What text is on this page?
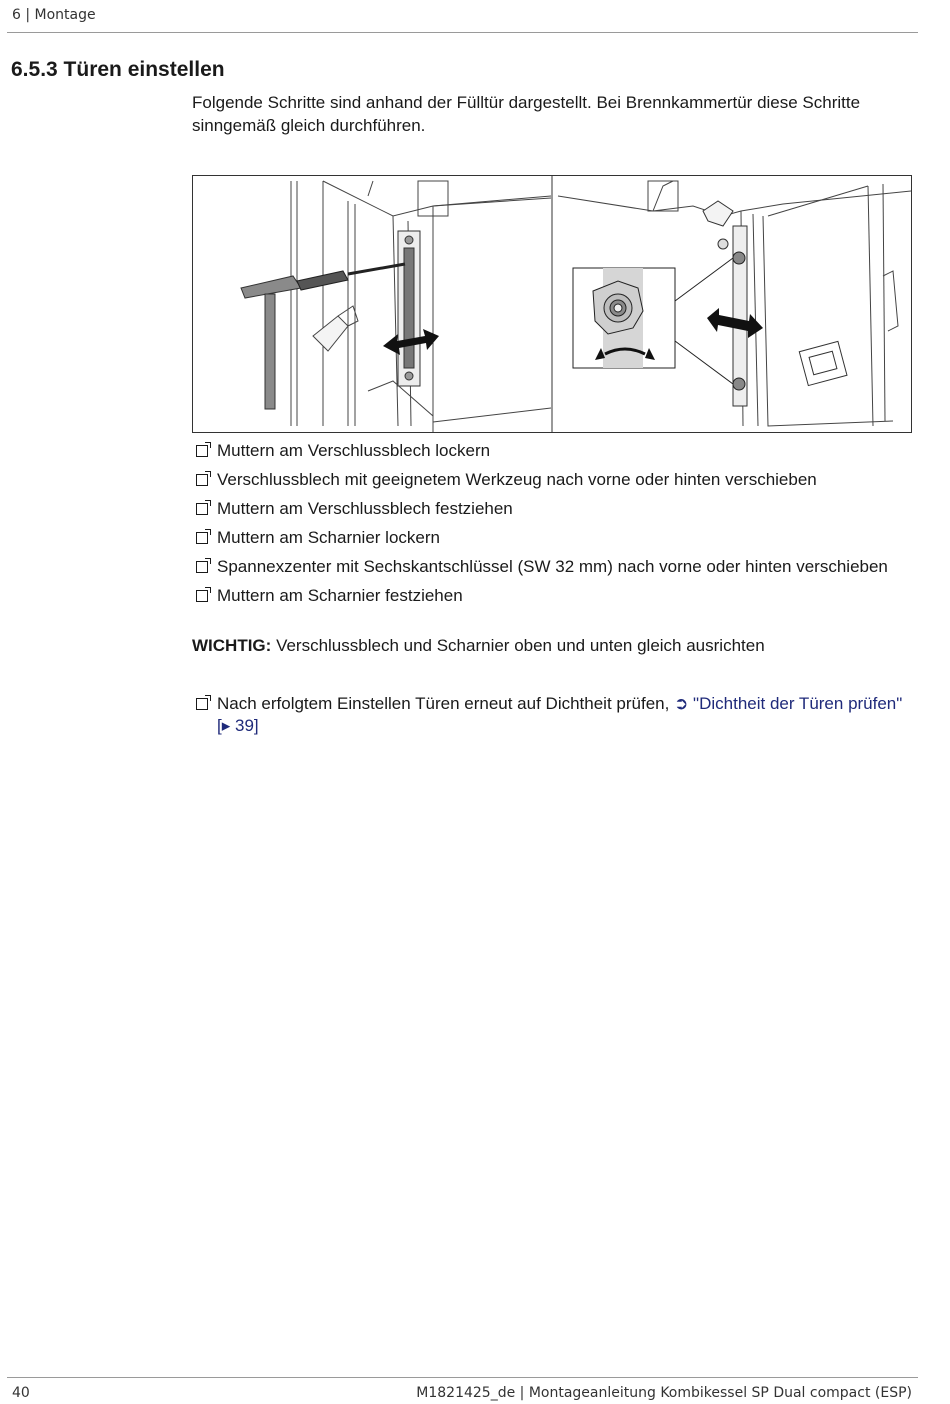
6 | Montage
6.5.3 Türen einstellen

Folgende Schritte sind anhand der Fülltür dargestellt. Bei Brennkammertür diese Schritte sinngemäß gleich durchführen.

Muttern am Verschlussblech lockern
Verschlussblech mit geeignetem Werkzeug nach vorne oder hinten verschieben
Muttern am Verschlussblech festziehen
Muttern am Scharnier lockern
Spannexzenter mit Sechskantschlüssel (SW 32 mm) nach vorne oder hinten verschieben
Muttern am Scharnier festziehen
WICHTIG: Verschlussblech und Scharnier oben und unten gleich ausrichten
Nach erfolgtem Einstellen Türen erneut auf Dichtheit prüfen, ➲ "Dichtheit der Türen prüfen" [▸ 39]
40	M1821425_de | Montageanleitung Kombikessel SP Dual compact (ESP)
